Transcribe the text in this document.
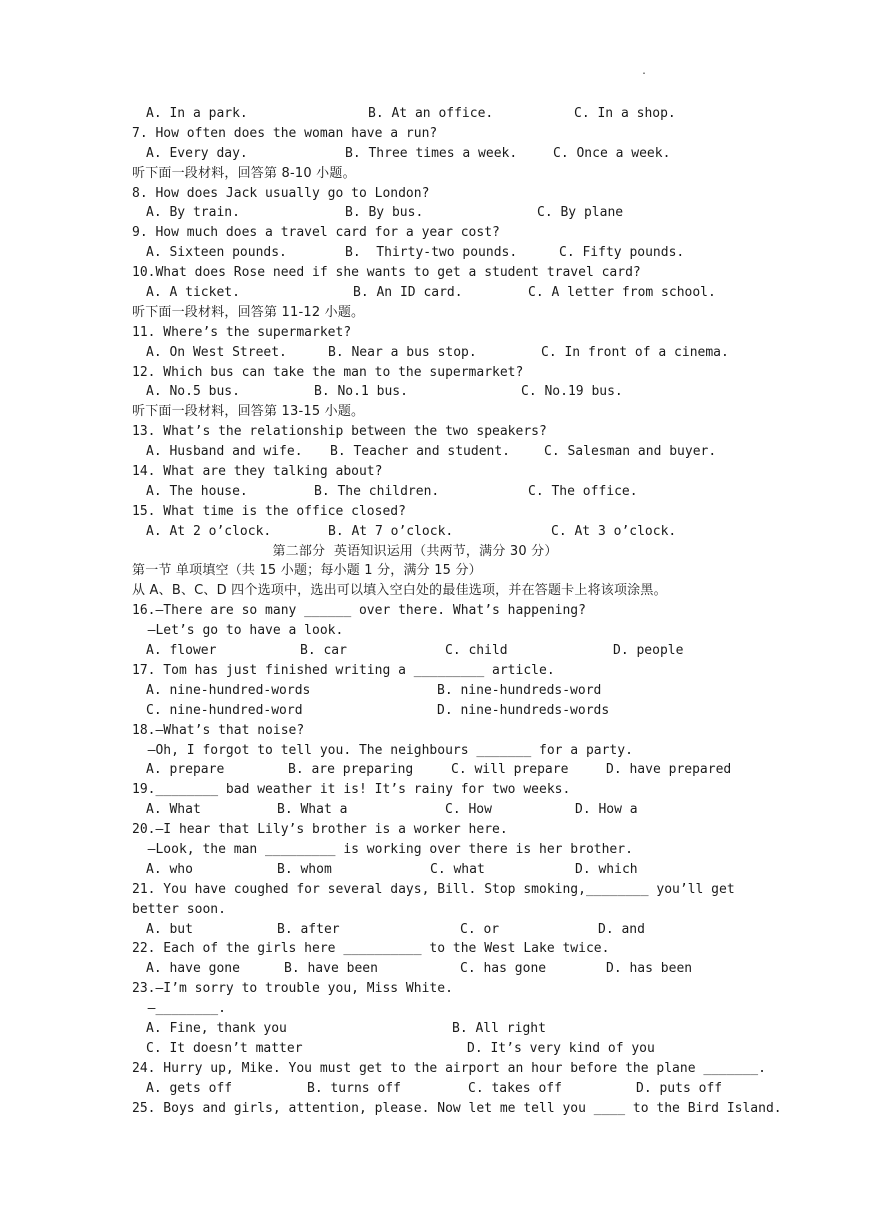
.
A. In a park.	B. At an office.	C. In a shop.
7. How often does the woman have a run?
A. Every day.	B. Three times a week.	C. Once a week.
听下面一段材料，回答第 8-10 小题。
8. How does Jack usually go to London?
A. By train.	B. By bus.	C. By plane
9. How much does a travel card for a year cost?
A. Sixteen pounds.	B.  Thirty-two pounds.	C. Fifty pounds.
10.What does Rose need if she wants to get a student travel card?
A. A ticket.	B. An ID card.	C. A letter from school.
听下面一段材料，回答第 11-12 小题。
11. Where’s the supermarket?
A. On West Street.	B. Near a bus stop.	C. In front of a cinema.
12. Which bus can take the man to the supermarket?
A. No.5 bus.	B. No.1 bus.	C. No.19 bus.
听下面一段材料，回答第 13-15 小题。
13. What’s the relationship between the two speakers?
A. Husband and wife. B. Teacher and student.	C. Salesman and buyer.
14. What are they talking about?
A. The house.	B. The children.	C. The office.
15. What time is the office closed?
A. At 2 o’clock.	B. At 7 o’clock.	C. At 3 o’clock.
第二部分  英语知识运用（共两节，满分 30 分）
第一节 单项填空（共 15 小题；每小题 1 分，满分 15 分）
从 A、B、C、D 四个选项中，选出可以填入空白处的最佳选项，并在答题卡上将该项涂黑。
16.—There are so many ______ over there. What’s happening?
—Let’s go to have a look.
A. flower	B. car	C. child	D. people
17. Tom has just finished writing a _________ article.
A. nine-hundred-words	B. nine-hundreds-word
C. nine-hundred-word	D. nine-hundreds-words
18.—What’s that noise?
—Oh, I forgot to tell you. The neighbours _______ for a party.
A. prepare	B. are preparing	C. will prepare	D. have prepared
19.________ bad weather it is! It’s rainy for two weeks.
A. What	B. What a	C. How	D. How a
20.—I hear that Lily’s brother is a worker here.
—Look, the man _________ is working over there is her brother.
A. who	B. whom	C. what	D. which
21. You have coughed for several days, Bill. Stop smoking,________ you’ll get
better soon.
A. but	B. after	C. or	D. and
22. Each of the girls here __________ to the West Lake twice.
A. have gone	B. have been	C. has gone	D. has been
23.—I’m sorry to trouble you, Miss White.
—________.
A. Fine, thank you	B. All right
C. It doesn’t matter	D. It’s very kind of you
24. Hurry up, Mike. You must get to the airport an hour before the plane _______.
A. gets off	B. turns off	C. takes off	D. puts off
25. Boys and girls, attention, please. Now let me tell you ____ to the Bird Island.
